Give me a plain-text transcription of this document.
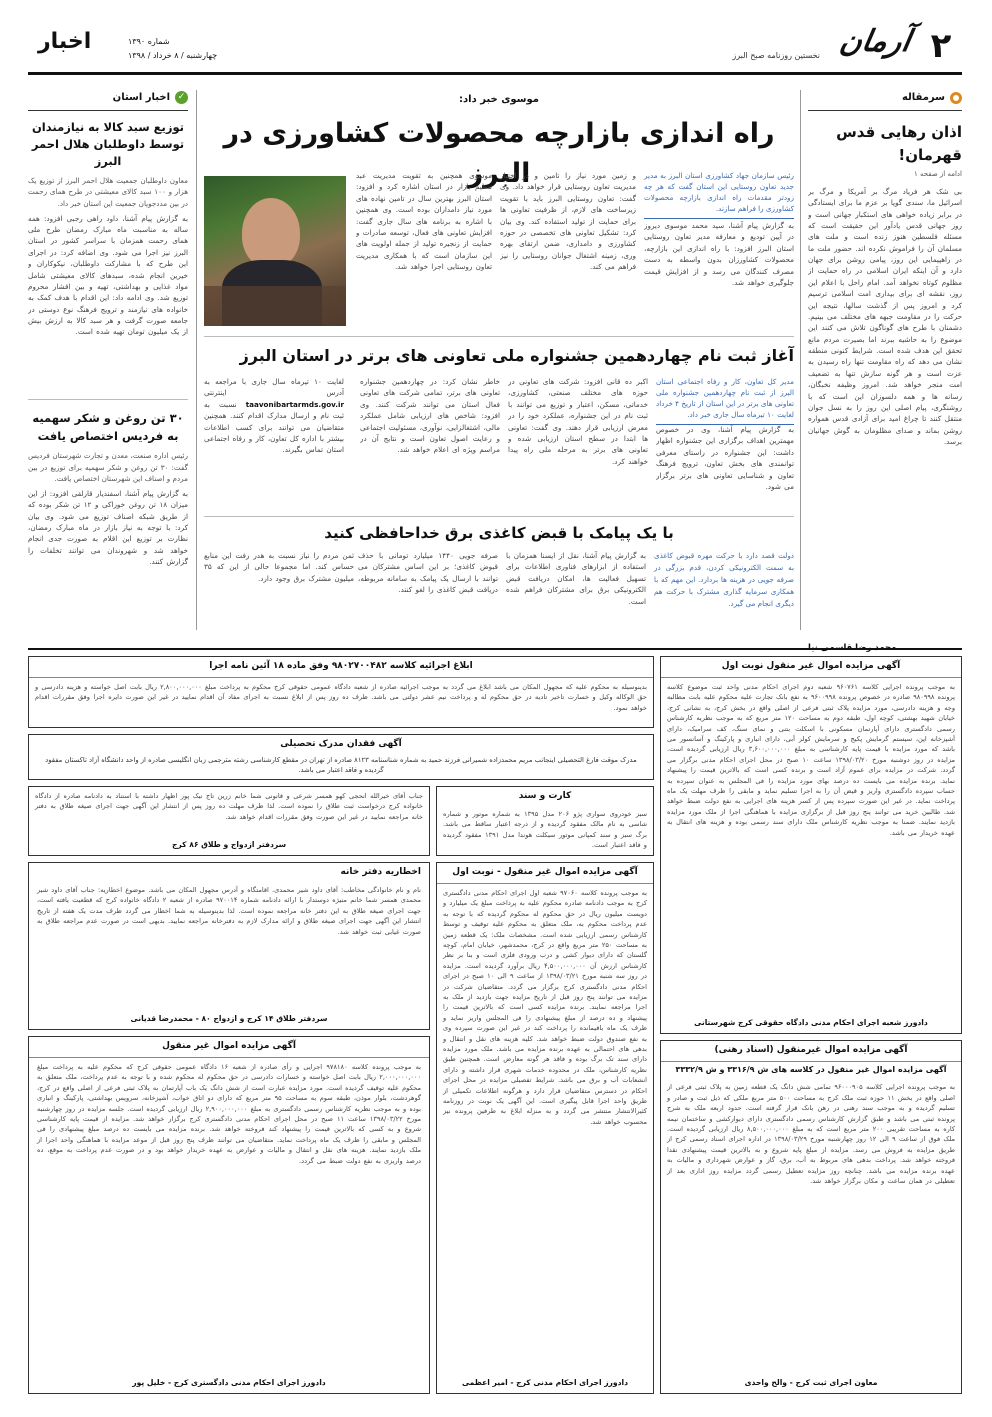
۲
آرمان
نخستین روزنامه صبح البرز
اخبار	شماره ۱۳۹۰
چهارشنبه / ۸ خرداد / ۱۳۹۸
سرمقاله
اذان رهایی قدس قهرمان!
ادامه از صفحه ۱
بی شک هر فریاد مرگ بر آمریکا و مرگ بر اسرائیل ما، سندی گویا بر عزم ما برای ایستادگی در برابر زیاده خواهی های استکبار جهانی است و روز جهانی قدس یادآور این حقیقت است که مسئله فلسطین هنوز زنده است و ملت های مسلمان آن را فراموش نکرده اند. حضور ملت ما در راهپیمایی این روز، پیامی روشن برای جهان دارد و آن اینکه ایران اسلامی در راه حمایت از مظلوم کوتاه نخواهد آمد. امام راحل با اعلام این روز، نقشه ای برای بیداری امت اسلامی ترسیم کرد و امروز پس از گذشت سالها، نتیجه این حرکت را در مقاومت جبهه های مختلف می بینیم. دشمنان با طرح های گوناگون تلاش می کنند این موضوع را به حاشیه ببرند اما بصیرت مردم مانع تحقق این هدف شده است. شرایط کنونی منطقه نشان می دهد که راه مقاومت تنها راه رسیدن به عزت است و هر گونه سازش تنها به تضعیف امت منجر خواهد شد. امروز وظیفه نخبگان، رسانه ها و همه دلسوزان این است که با روشنگری، پیام اصلی این روز را به نسل جوان منتقل کنند تا چراغ امید برای آزادی قدس همواره روشن بماند و صدای مظلومان به گوش جهانیان برسد.
✓
اخبار استان
توزیع سبد کالا به نیازمندان توسط داوطلبان هلال احمر البرز
معاون داوطلبان جمعیت هلال احمر البرز از توزیع یک هزار و ۱۰۰ سبد کالای معیشتی در طرح همای رحمت در بین مددجویان جمعیت این استان خبر داد.
به گزارش پیام آشنا، داود راهی رجبی افزود: همه ساله به مناسبت ماه مبارک رمضان طرح ملی همای رحمت همزمان با سراسر کشور در استان البرز نیز اجرا می شود. وی اضافه کرد: در اجرای این طرح که با مشارکت داوطلبان، نیکوکاران و خیرین انجام شده، سبدهای کالای معیشتی شامل مواد غذایی و بهداشتی، تهیه و بین اقشار محروم توزیع شد. وی ادامه داد: این اقدام با هدف کمک به خانواده های نیازمند و ترویج فرهنگ نوع دوستی در جامعه صورت گرفت و هر سبد کالا به ارزش بیش از یک میلیون تومان تهیه شده است.
۳۰ تن روغن و شکر سهمیه به فردیس اختصاص یافت
رئیس اداره صنعت، معدن و تجارت شهرستان فردیس گفت: ۳۰ تن روغن و شکر سهمیه برای توزیع در بین مردم و اصناف این شهرستان اختصاص یافت.
به گزارش پیام آشنا، اسفندیار قارلقی افزود: از این میزان ۱۸ تن روغن خوراکی و ۱۲ تن شکر بوده که از طریق شبکه اصناف توزیع می شود. وی بیان کرد: با توجه به نیاز بازار در ماه مبارک رمضان، نظارت بر توزیع این اقلام به صورت جدی انجام خواهد شد و شهروندان می توانند تخلفات را گزارش کنند.
موسوی خبر داد:
راه اندازی بازارچه محصولات کشاورزی در البرز	رئیس سازمان جهاد کشاورزی استان البرز به مدیر جدید تعاون روستایی این استان گفت که هر چه زودتر مقدمات راه اندازی بازارچه محصولات کشاورزی را فراهم سازند.
به گزارش پیام آشنا، سید محمد موسوی دیروز در آیین تودیع و معارفه مدیر تعاون روستایی استان البرز افزود: با راه اندازی این بازارچه، محصولات کشاورزان بدون واسطه به دست مصرف کنندگان می رسد و از افزایش قیمت جلوگیری خواهد شد.
و زمین مورد نیاز را تامین و در اختیار مدیریت تعاون روستایی قرار خواهد داد. وی گفت: تعاون روستایی البرز باید با تقویت زیرساخت های لازم، از ظرفیت تعاونی ها برای حمایت از تولید استفاده کند. وی بیان کرد: تشکیل تعاونی های تخصصی در حوزه کشاورزی و دامداری، ضمن ارتقای بهره وری، زمینه اشتغال جوانان روستایی را نیز فراهم می کند.
موسوی همچنین به تقویت مدیریت عبد تنظیم بازار در استان اشاره کرد و افزود: استان البرز بهترین سال در تامین نهاده های مورد نیاز دامداران بوده است. وی همچنین با اشاره به برنامه های سال جاری گفت: افزایش تعاونی های فعال، توسعه صادرات و حمایت از زنجیره تولید از جمله اولویت های این سازمان است که با همکاری مدیریت تعاون روستایی اجرا خواهد شد.
آغاز ثبت نام چهاردهمین جشنواره ملی تعاونی های برتر در استان البرز
مدیر کل تعاون، کار و رفاه اجتماعی استان البرز از ثبت نام چهاردهمین جشنواره ملی تعاونی های برتر در این استان از تاریخ ۴ خرداد لغایت ۱۰ تیرماه سال جاری خبر داد.
به گزارش پیام آشنا، وی در خصوص مهمترین اهداف برگزاری این جشنواره اظهار داشت: این جشنواره در راستای معرفی توانمندی های بخش تعاون، ترویج فرهنگ تعاون و شناسایی تعاونی های برتر برگزار می شود.
اکبر ده قانی افزود: شرکت های تعاونی در حوزه های مختلف صنعتی، کشاورزی، خدماتی، مسکن، اعتبار و توزیع می توانند با ثبت نام در این جشنواره، عملکرد خود را در معرض ارزیابی قرار دهند. وی گفت: تعاونی ها ابتدا در سطح استان ارزیابی شده و تعاونی های برتر به مرحله ملی راه پیدا خواهند کرد.
خاطر نشان کرد: در چهاردهمین جشنواره تعاونی های برتر، تمامی شرکت های تعاونی فعال استان می توانند شرکت کنند. وی افزود: شاخص های ارزیابی شامل عملکرد مالی، اشتغالزایی، نوآوری، مسئولیت اجتماعی و رعایت اصول تعاون است و نتایج آن در مراسم ویژه ای اعلام خواهد شد.
لغایت ۱۰ تیرماه سال جاری با مراجعه به آدرس اینترنتی taavonibartarmds.gov.ir نسبت به ثبت نام و ارسال مدارک اقدام کنند. همچنین متقاضیان می توانند برای کسب اطلاعات بیشتر با اداره کل تعاون، کار و رفاه اجتماعی استان تماس بگیرند.
با یک پیامک با قبض کاغذی برق خداحافظی کنید
دولت قصد دارد با حرکت مهره قبوض کاغذی به سمت الکترونیکی کردن، قدم بزرگی در صرفه جویی در هزینه ها بردارد. این مهم که با همکاری سرمایه گذاری مشترک با حرکت هم دیگری انجام می گیرد.
به گزارش پیام آشنا، نقل از ایسنا همزمان با استفاده از ابزارهای فناوری اطلاعات برای تسهیل فعالیت ها، امکان دریافت قبض الکترونیکی برق برای مشترکان فراهم شده است.
صرفه جویی ۱۴۴۰ میلیارد تومانی با حذف قبوض کاغذی؛ بر این اساس مشترکان می توانند با ارسال یک پیامک به سامانه مربوطه، دریافت قبض کاغذی را لغو کنند.
ثمن مردم را نیاز نسبت به هدر رفت این منابع حساس کند. اما مجموعا حالی از این که ۳۵ میلیون مشترک برق وجود دارد.
آگهی مزایده اموال غیر منقول نوبت اول
به موجب پرونده اجرایی کلاسه ۹۶۰۷۶۱ شعبه دوم اجرای احکام مدنی واحد ثبت موضوع کلاسه پرونده ۹۸۰۹۹۸ صادره در خصوص پرونده ۹۶۰۰۹۹۸ به نفع بانک تجارت علیه محکوم علیه بابت مطالبه وجه و هزینه دادرسی، مورد مزایده پلاک ثبتی فرعی از اصلی واقع در بخش کرج، به نشانی کرج، خیابان شهید بهشتی، کوچه اول، طبقه دوم به مساحت ۱۲۰ متر مربع که به موجب نظریه کارشناس رسمی دادگستری دارای آپارتمان مسکونی با اسکلت بتنی و نمای سنگ، کف سرامیک، دارای آشپزخانه اپن، سیستم گرمایش پکیج و سرمایش کولر آبی، دارای انباری و پارکینگ و آسانسور می باشد که مورد مزایده با قیمت پایه کارشناسی به مبلغ ۳,۶۰۰,۰۰۰,۰۰۰ ریال ارزیابی گردیده است. مزایده در روز دوشنبه مورخ ۱۳۹۸/۰۳/۲۰ ساعت ۱۰ صبح در محل اجرای احکام مدنی برگزار می گردد. شرکت در مزایده برای عموم آزاد است و برنده کسی است که بالاترین قیمت را پیشنهاد نماید. برنده مزایده می بایست ده درصد بهای مورد مزایده را فی المجلس به عنوان سپرده به حساب سپرده دادگستری واریز و قیض آن را به اجرا تسلیم نماید و مابقی را ظرف مهلت یک ماه پرداخت نماید. در غیر این صورت سپرده پس از کسر هزینه های اجرایی به نفع دولت ضبط خواهد شد. طالبین خرید می توانند پنج روز قبل از برگزاری مزایده با هماهنگی اجرا از ملک مورد مزایده بازدید نمایند. ضمنا به موجب نظریه کارشناس ملک دارای سند رسمی بوده و هزینه های انتقال به عهده خریدار می باشد.
دادورز شعبه اجرای احکام مدنی دادگاه حقوقی کرج شهرستانی
ابلاغ اجرائیه کلاسه ۹۸۰۲۷۰۰۴۸۲ وفق ماده ۱۸ آئین نامه اجرا
بدینوسیله به محکوم علیه که مجهول المکان می باشد ابلاغ می گردد به موجب اجرائیه صادره از شعبه دادگاه عمومی حقوقی کرج محکوم به پرداخت مبلغ ۲,۸۰۰,۰۰۰,۰۰۰ ریال بابت اصل خواسته و هزینه دادرسی و حق الوکاله وکیل و خسارت تاخیر تادیه در حق محکوم له و پرداخت نیم عشر دولتی می باشد. ظرف ده روز پس از ابلاغ نسبت به اجرای مفاد آن اقدام نمایید در غیر این صورت دایره اجرا وفق مقررات اقدام خواهد نمود.
آگهی فقدان مدرک تحصیلی
مدرک موقت فارغ التحصیلی اینجانب مریم محمدزاده شمیرانی فرزند حمید به شماره شناسنامه ۸۱۲۳ صادره از تهران در مقطع کارشناسی رشته مترجمی زبان انگلیسی صادره از واحد دانشگاه آزاد تاکستان مفقود گردیده و فاقد اعتبار می باشد.
کارت و سند
سبز خودروی سواری پژو ۲۰۶ مدل ۱۳۹۵ به شماره موتور و شماره شاسی به نام مالک مفقود گردیده و از درجه اعتبار ساقط می باشد. برگ سبز و سند کمپانی موتور سیکلت هوندا مدل ۱۳۹۱ مفقود گردیده و فاقد اعتبار است.
جناب آقای خیرالله انحجی کهو همسر شرعی و قانونی شما خانم زرین تاج نیک پور اظهار داشته با استناد به دادنامه صادره از دادگاه خانواده کرج درخواست ثبت طلاق را نموده است. لذا ظرف مهلت ده روز پس از انتشار این آگهی جهت اجرای صیغه طلاق به دفتر خانه مراجعه نمایید در غیر این صورت وفق مقررات اقدام خواهد شد.
سردفتر ازدواج و طلاق ۸۶ کرج
آگهی مزایده اموال غیر منقول - نوبت اول
به موجب پرونده کلاسه ۹۷۰۶۰ شعبه اول اجرای احکام مدنی دادگستری کرج به موجب دادنامه صادره محکوم علیه به پرداخت مبلغ یک میلیارد و دویست میلیون ریال در حق محکوم له محکوم گردیده که با توجه به عدم پرداخت محکوم به، ملک متعلق به محکوم علیه توقیف و توسط کارشناس رسمی ارزیابی شده است. مشخصات ملک: یک قطعه زمین به مساحت ۲۵۰ متر مربع واقع در کرج، محمدشهر، خیابان امام، کوچه گلستان که دارای دیوار کشی و درب ورودی فلزی است و بنا بر نظر کارشناس ارزش آن ۴,۵۰۰,۰۰۰,۰۰۰ ریال برآورد گردیده است. مزایده در روز سه شنبه مورخ ۱۳۹۸/۰۳/۲۱ از ساعت ۹ الی ۱۰ صبح در اجرای احکام مدنی دادگستری کرج برگزار می گردد. متقاضیان شرکت در مزایده می توانند پنج روز قبل از تاریخ مزایده جهت بازدید از ملک به اجرا مراجعه نمایند. برنده مزایده کسی است که بالاترین قیمت را پیشنهاد و ده درصد از مبلغ پیشنهادی را فی المجلس واریز نماید و ظرف یک ماه باقیمانده را پرداخت کند در غیر این صورت سپرده وی به نفع صندوق دولت ضبط خواهد شد. کلیه هزینه های نقل و انتقال و بدهی های احتمالی به عهده برنده مزایده می باشد. ملک مورد مزایده دارای سند تک برگ بوده و فاقد هر گونه معارض است. همچنین طبق نظریه کارشناس، ملک در محدوده خدمات شهری قرار داشته و دارای انشعابات آب و برق می باشد. شرایط تفصیلی مزایده در محل اجرای احکام در دسترس متقاضیان قرار دارد و هرگونه اطلاعات تکمیلی از طریق واحد اجرا قابل پیگیری است. این آگهی یک نوبت در روزنامه کثیرالانتشار منتشر می گردد و به منزله ابلاغ به طرفین پرونده نیز محسوب خواهد شد.
دادورز اجرای احکام مدنی کرج - امیر اعظمی
اخطاریه دفتر خانه
نام و نام خانوادگی مخاطب: آقای داود شیر محمدی. اقامتگاه و آدرس مجهول المکان می باشد. موضوع اخطاریه: جناب آقای داود شیر محمدی همسر شما خانم منیژه دوستدار با ارائه دادنامه شماره ۹۷۰۰۱۴ صادره از شعبه ۲ دادگاه خانواده کرج که قطعیت یافته است، جهت اجرای صیغه طلاق به این دفتر خانه مراجعه نموده است. لذا بدینوسیله به شما اخطار می گردد ظرف مدت یک هفته از تاریخ انتشار این آگهی جهت اجرای صیغه طلاق و ارائه مدارک لازم به دفترخانه مراجعه نمایید. بدیهی است در صورت عدم مراجعه طلاق به صورت غیابی ثبت خواهد شد.
سردفتر طلاق ۱۴ کرج و ازدواج ۸۰ - محمدرضا قدیانی
آگهی مزایده اموال غیر منقول
به موجب پرونده کلاسه ۹۷۸۱۸۰ اجرایی و رأی صادره از شعبه ۱۶ دادگاه عمومی حقوقی کرج که محکوم علیه به پرداخت مبلغ ۲,۰۰۰,۰۰۰,۰۰۰ ریال بابت اصل خواسته و خسارات دادرسی در حق محکوم له محکوم شده و با توجه به عدم پرداخت، ملک متعلق به محکوم علیه توقیف گردیده است. مورد مزایده عبارت است از شش دانگ یک باب آپارتمان به پلاک ثبتی فرعی از اصلی واقع در کرج، گوهردشت، بلوار موذن، طبقه سوم به مساحت ۹۵ متر مربع که دارای دو اتاق خواب، آشپزخانه، سرویس بهداشتی، پارکینگ و انباری بوده و به موجب نظریه کارشناس رسمی دادگستری به مبلغ ۲,۹۰۰,۰۰۰,۰۰۰ ریال ارزیابی گردیده است. جلسه مزایده در روز چهارشنبه مورخ ۱۳۹۸/۰۳/۲۲ ساعت ۱۱ صبح در محل اجرای احکام مدنی دادگستری کرج برگزار خواهد شد. مزایده از قیمت پایه کارشناسی شروع و به کسی که بالاترین قیمت را پیشنهاد کند فروخته خواهد شد. برنده مزایده می بایست ده درصد مبلغ پیشنهادی را فی المجلس و مابقی را ظرف یک ماه پرداخت نماید. متقاضیان می توانند ظرف پنج روز قبل از موعد مزایده با هماهنگی واحد اجرا از ملک بازدید نمایند. هزینه های نقل و انتقال و مالیات و عوارض به عهده خریدار خواهد بود و در صورت عدم پرداخت به موقع، ده درصد واریزی به نفع دولت ضبط می گردد.
دادورز اجرای احکام مدنی دادگستری کرج - خلیل پور
آگهی مزایده اموال غیرمنقول (اسناد رهنی)
آگهی مزایده اموال غیر منقول در کلاسه های ش ۳۳۱۶/۹ و ش ۳۳۳۲/۹
به موجب پرونده اجرایی کلاسه ۹۶۰۰۰۹۰۵ تمامی شش دانگ یک قطعه زمین به پلاک ثبتی فرعی از اصلی واقع در بخش ۱۱ حوزه ثبت ملک کرج به مساحت ۵۰۰ متر مربع ملکی که ذیل ثبت و صادر و تسلیم گردیده و به موجب سند رهنی در رهن بانک قرار گرفته است. حدود اربعه ملک به شرح پرونده ثبتی می باشد و طبق گزارش کارشناس رسمی دادگستری دارای دیوارکشی و ساختمان نیمه کاره به مساحت تقریبی ۲۰۰ متر مربع است که به مبلغ ۸,۵۰۰,۰۰۰,۰۰۰ ریال ارزیابی گردیده است. ملک فوق از ساعت ۹ الی ۱۲ روز چهارشنبه مورخ ۱۳۹۸/۰۳/۲۹ در اداره اجرای اسناد رسمی کرج از طریق مزایده به فروش می رسد. مزایده از مبلغ پایه شروع و به بالاترین قیمت پیشنهادی نقدا فروخته خواهد شد. پرداخت بدهی های مربوط به آب، برق، گاز و عوارض شهرداری و مالیات به عهده برنده مزایده می باشد. چنانچه روز مزایده تعطیل رسمی گردد مزایده روز اداری بعد از تعطیلی در همان ساعت و مکان برگزار خواهد شد.
معاون اجرای ثبت کرج - والح واحدی
